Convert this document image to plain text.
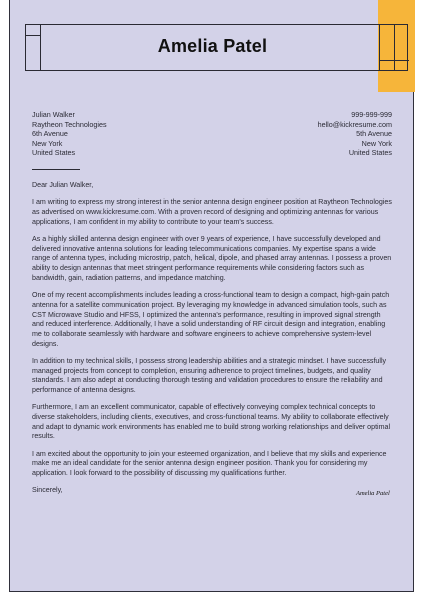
Amelia Patel
Julian Walker
Raytheon Technologies
6th Avenue
New York
United States
999-999-999
hello@kickresume.com
5th Avenue
New York
United States

Dear Julian Walker,

I am writing to express my strong interest in the senior antenna design engineer position at Raytheon Technologies as advertised on www.kickresume.com. With a proven record of designing and optimizing antennas for various applications, I am confident in my ability to contribute to your team's success.

As a highly skilled antenna design engineer with over 9 years of experience, I have successfully developed and delivered innovative antenna solutions for leading telecommunications companies. My expertise spans a wide range of antenna types, including microstrip, patch, helical, dipole, and phased array antennas. I possess a proven ability to design antennas that meet stringent performance requirements while considering factors such as bandwidth, gain, radiation patterns, and impedance matching.

One of my recent accomplishments includes leading a cross-functional team to design a compact, high-gain patch antenna for a satellite communication project. By leveraging my knowledge in advanced simulation tools, such as CST Microwave Studio and HFSS, I optimized the antenna's performance, resulting in improved signal strength and reduced interference. Additionally, I have a solid understanding of RF circuit design and integration, enabling me to collaborate seamlessly with hardware and software engineers to achieve comprehensive system-level designs.

In addition to my technical skills, I possess strong leadership abilities and a strategic mindset. I have successfully managed projects from concept to completion, ensuring adherence to project timelines, budgets, and quality standards. I am also adept at conducting thorough testing and validation procedures to ensure the reliability and performance of antenna designs.

Furthermore, I am an excellent communicator, capable of effectively conveying complex technical concepts to diverse stakeholders, including clients, executives, and cross-functional teams. My ability to collaborate effectively and adapt to dynamic work environments has enabled me to build strong working relationships and deliver optimal results.

I am excited about the opportunity to join your esteemed organization, and I believe that my skills and experience make me an ideal candidate for the senior antenna design engineer position. Thank you for considering my application. I look forward to the possibility of discussing my qualifications further.

Sincerely,	Amelia Patel
